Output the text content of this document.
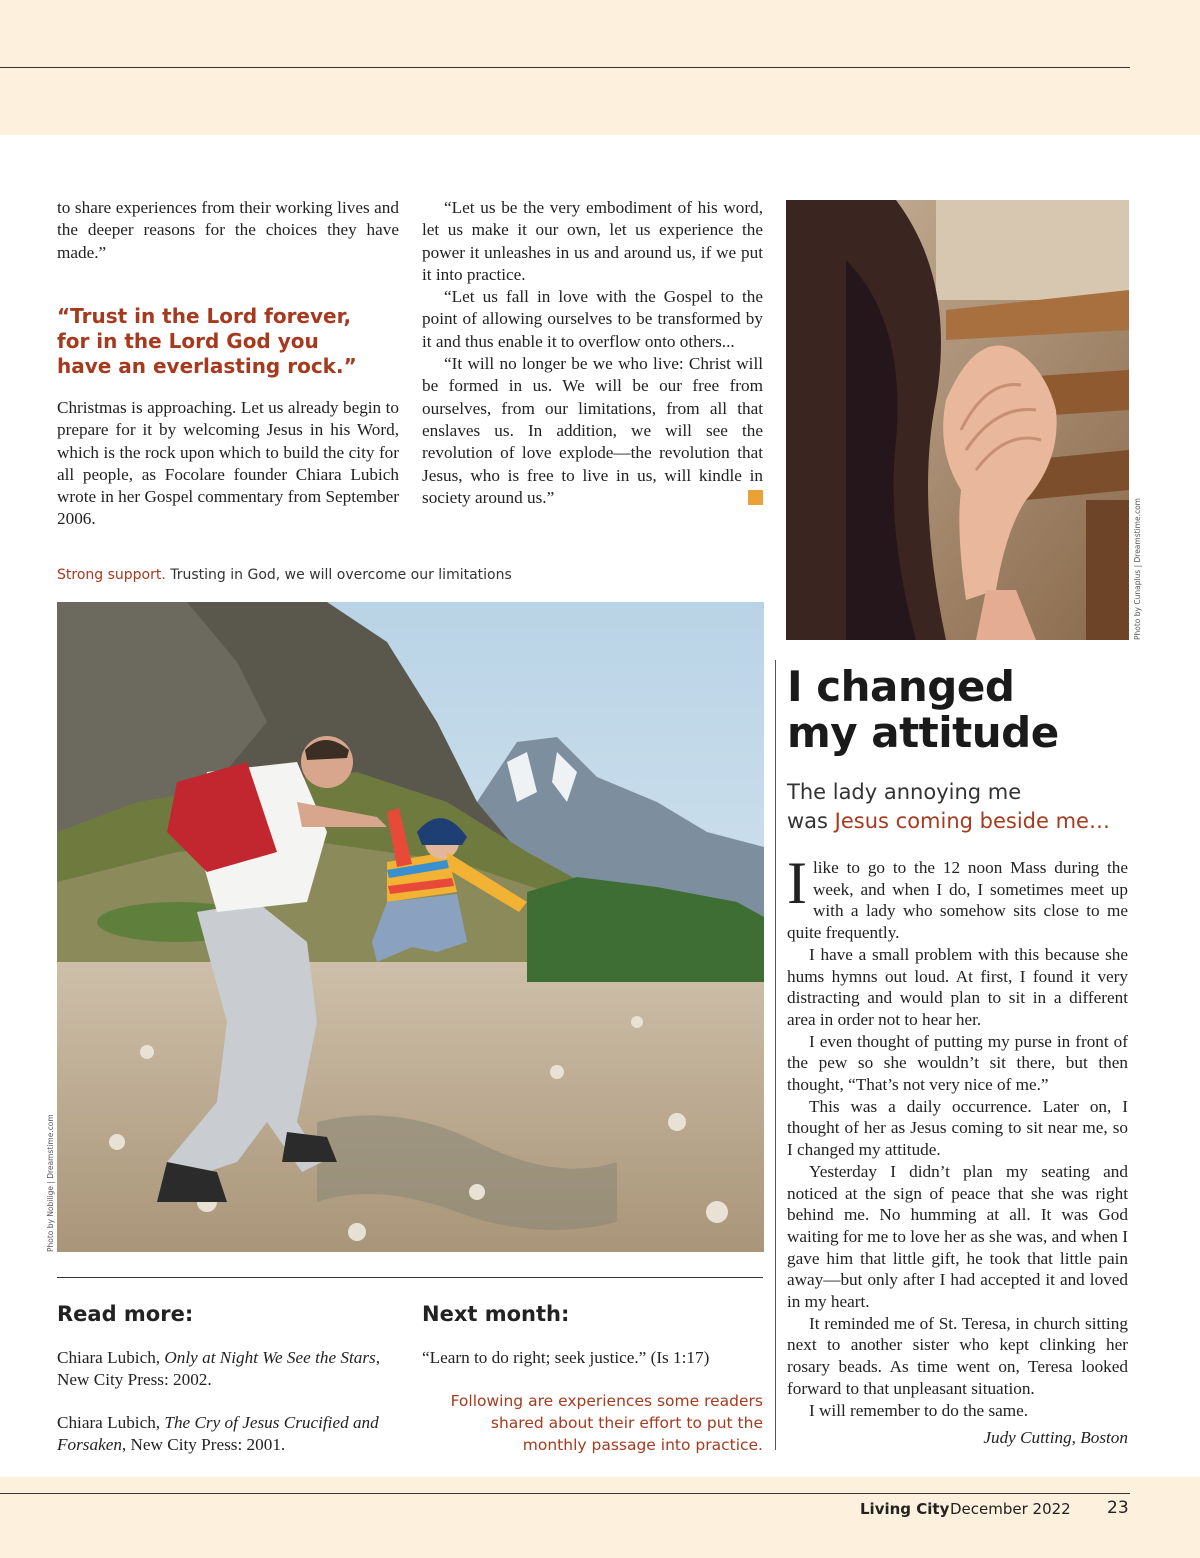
to share experiences from their working lives and the deeper reasons for the choices they have made.”

“Trust in the Lord forever,
for in the Lord God you
have an everlasting rock.”

Christmas is approaching. Let us already begin to prepare for it by welcoming Jesus in his Word, which is the rock upon which to build the city for all people, as Focolare founder Chiara Lubich wrote in her Gospel commentary from September 2006.

“Let us be the very embodiment of his word, let us make it our own, let us experience the power it unleashes in us and around us, if we put it into practice.

“Let us fall in love with the Gospel to the point of allowing ourselves to be transformed by it and thus enable it to overflow onto others...

“It will no longer be we who live: Christ will be formed in us. We will be our free from ourselves, from our limitations, from all that enslaves us. In addition, we will see the revolution of love explode—the revolution that Jesus, who is free to live in us, will kindle in society around us.”	LC

Strong support. Trusting in God, we will overcome our limitations
Photo by Nobilige | Dreamstime.com
Photo by Cunaplus | Dreamstime.com
I changed
my attitude
The lady annoying me
was Jesus coming beside me…

Ilike to go to the 12 noon Mass during the week, and when I do, I sometimes meet up with a lady who somehow sits close to me quite frequently.

I have a small problem with this because she hums hymns out loud. At first, I found it very distracting and would plan to sit in a different area in order not to hear her.

I even thought of putting my purse in front of the pew so she wouldn’t sit there, but then thought, “That’s not very nice of me.”

This was a daily occurrence. Later on, I thought of her as Jesus coming to sit near me, so I changed my attitude.

Yesterday I didn’t plan my seating and noticed at the sign of peace that she was right behind me. No humming at all. It was God waiting for me to love her as she was, and when I gave him that little gift, he took that little pain away—but only after I had accepted it and loved in my heart.

It reminded me of St. Teresa, in church sitting next to another sister who kept clinking her rosary beads. As time went on, Teresa looked forward to that unpleasant situation.

I will remember to do the same.

Judy Cutting, Boston

Read more:

Chiara Lubich, Only at Night We See the Stars, New City Press: 2002.

Chiara Lubich, The Cry of Jesus Crucified and Forsaken, New City Press: 2001.

Next month:
“Learn to do right; seek justice.” (Is 1:17)
Following are experiences some readers
shared about their effort to put the
monthly passage into practice.
Living City December 2022 23
